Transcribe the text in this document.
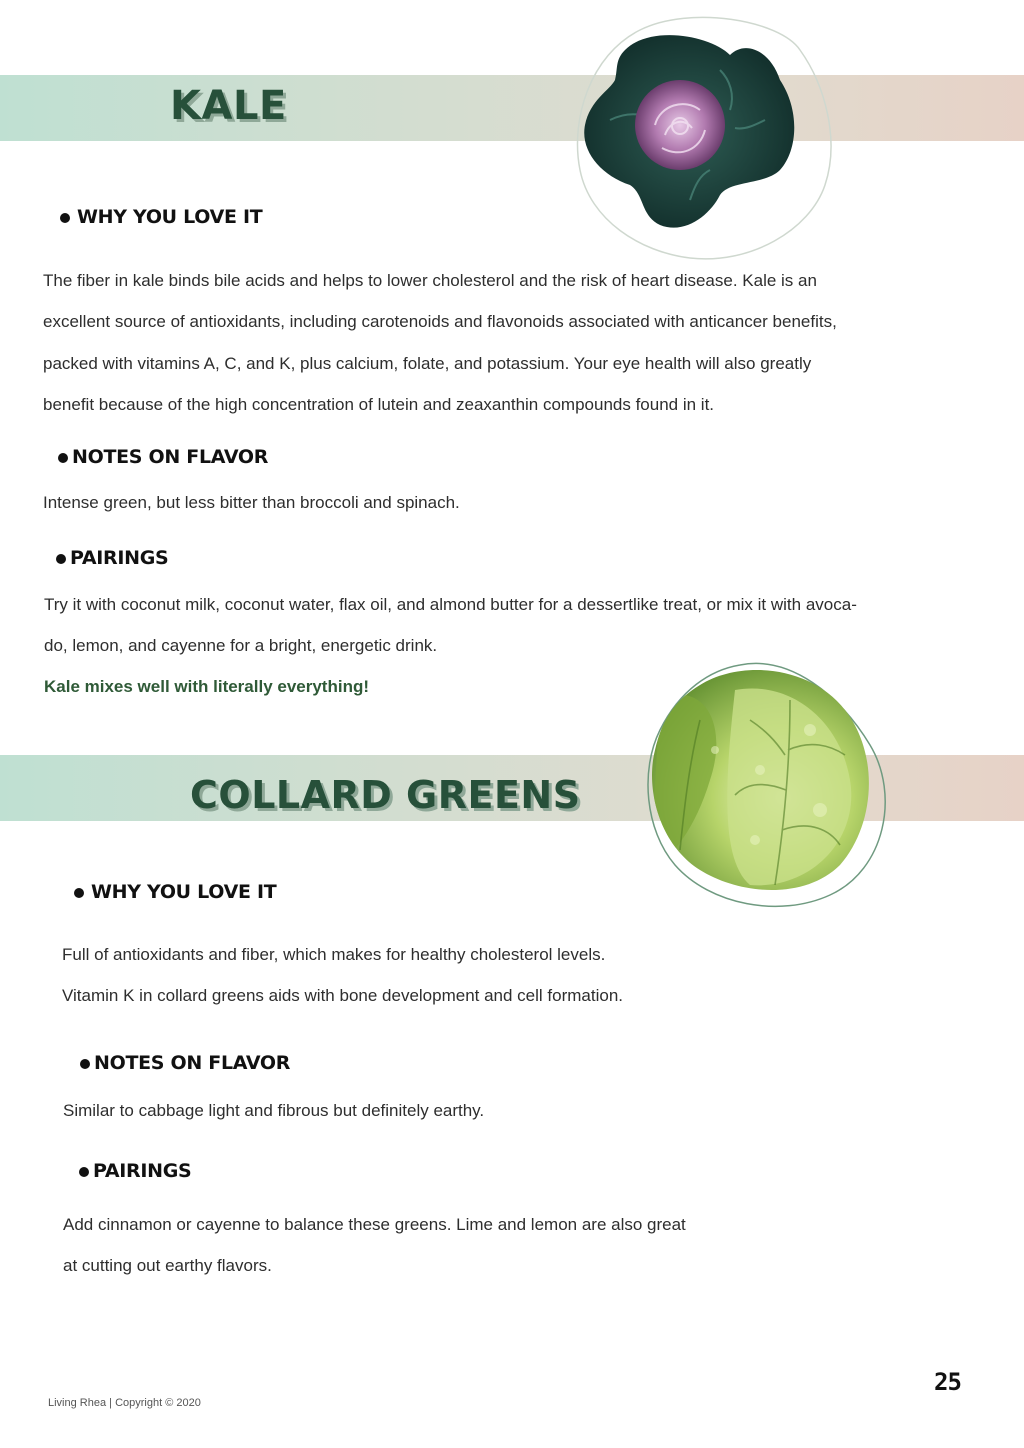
KALE
WHY YOU LOVE IT
The fiber in kale binds bile acids and helps to lower cholesterol and the risk of heart disease. Kale is an
excellent source of antioxidants, including carotenoids and flavonoids associated with anticancer benefits,
packed with vitamins A, C, and K, plus calcium, folate, and potassium. Your eye health will also greatly
benefit because of the high concentration of lutein and zeaxanthin compounds found in it.
NOTES ON FLAVOR

Intense green, but less bitter than broccoli and spinach.

PAIRINGS
Try it with coconut milk, coconut water, flax oil, and almond butter for a dessertlike treat, or mix it with avoca-
do, lemon, and cayenne for a bright, energetic drink.

Kale mixes well with literally everything!

COLLARD GREENS
WHY YOU LOVE IT
Full of antioxidants and fiber, which makes for healthy cholesterol levels.
Vitamin K in collard greens aids with bone development and cell formation.
NOTES ON FLAVOR

Similar to cabbage light and fibrous but definitely earthy.

PAIRINGS
Add cinnamon or cayenne to balance these greens. Lime and lemon are also great
at cutting out earthy flavors.

25

Living Rhea | Copyright © 2020
